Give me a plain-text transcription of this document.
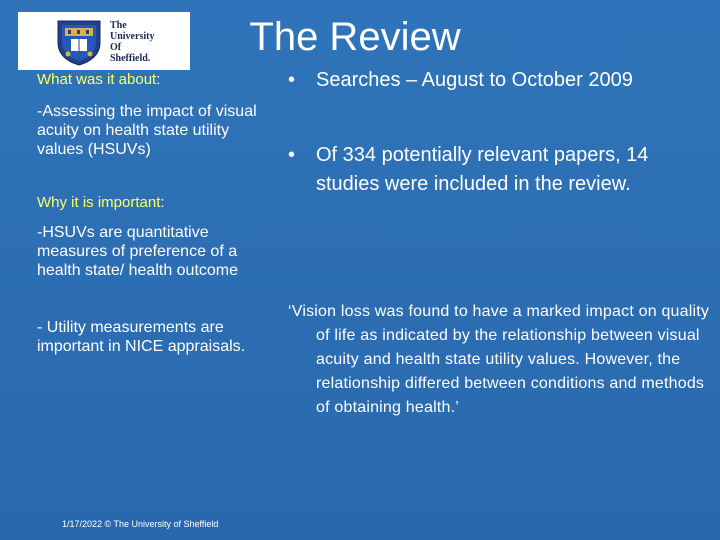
The
University
Of
Sheffield.	The Review

What was it about:

-Assessing the impact of visual acuity on health state utility values (HSUVs)

Why it is important:

-HSUVs are quantitative measures of preference of a health state/ health outcome

- Utility measurements are important in NICE appraisals.

1/17/2022 © The University of Sheffield
• Searches – August to October 2009
• Of 334 potentially relevant papers, 14 studies were included in the review.
‘Vision loss was found to have a marked impact on quality of life as indicated by the relationship between visual acuity and health state utility values. However, the relationship differed between conditions and methods of obtaining health.’
